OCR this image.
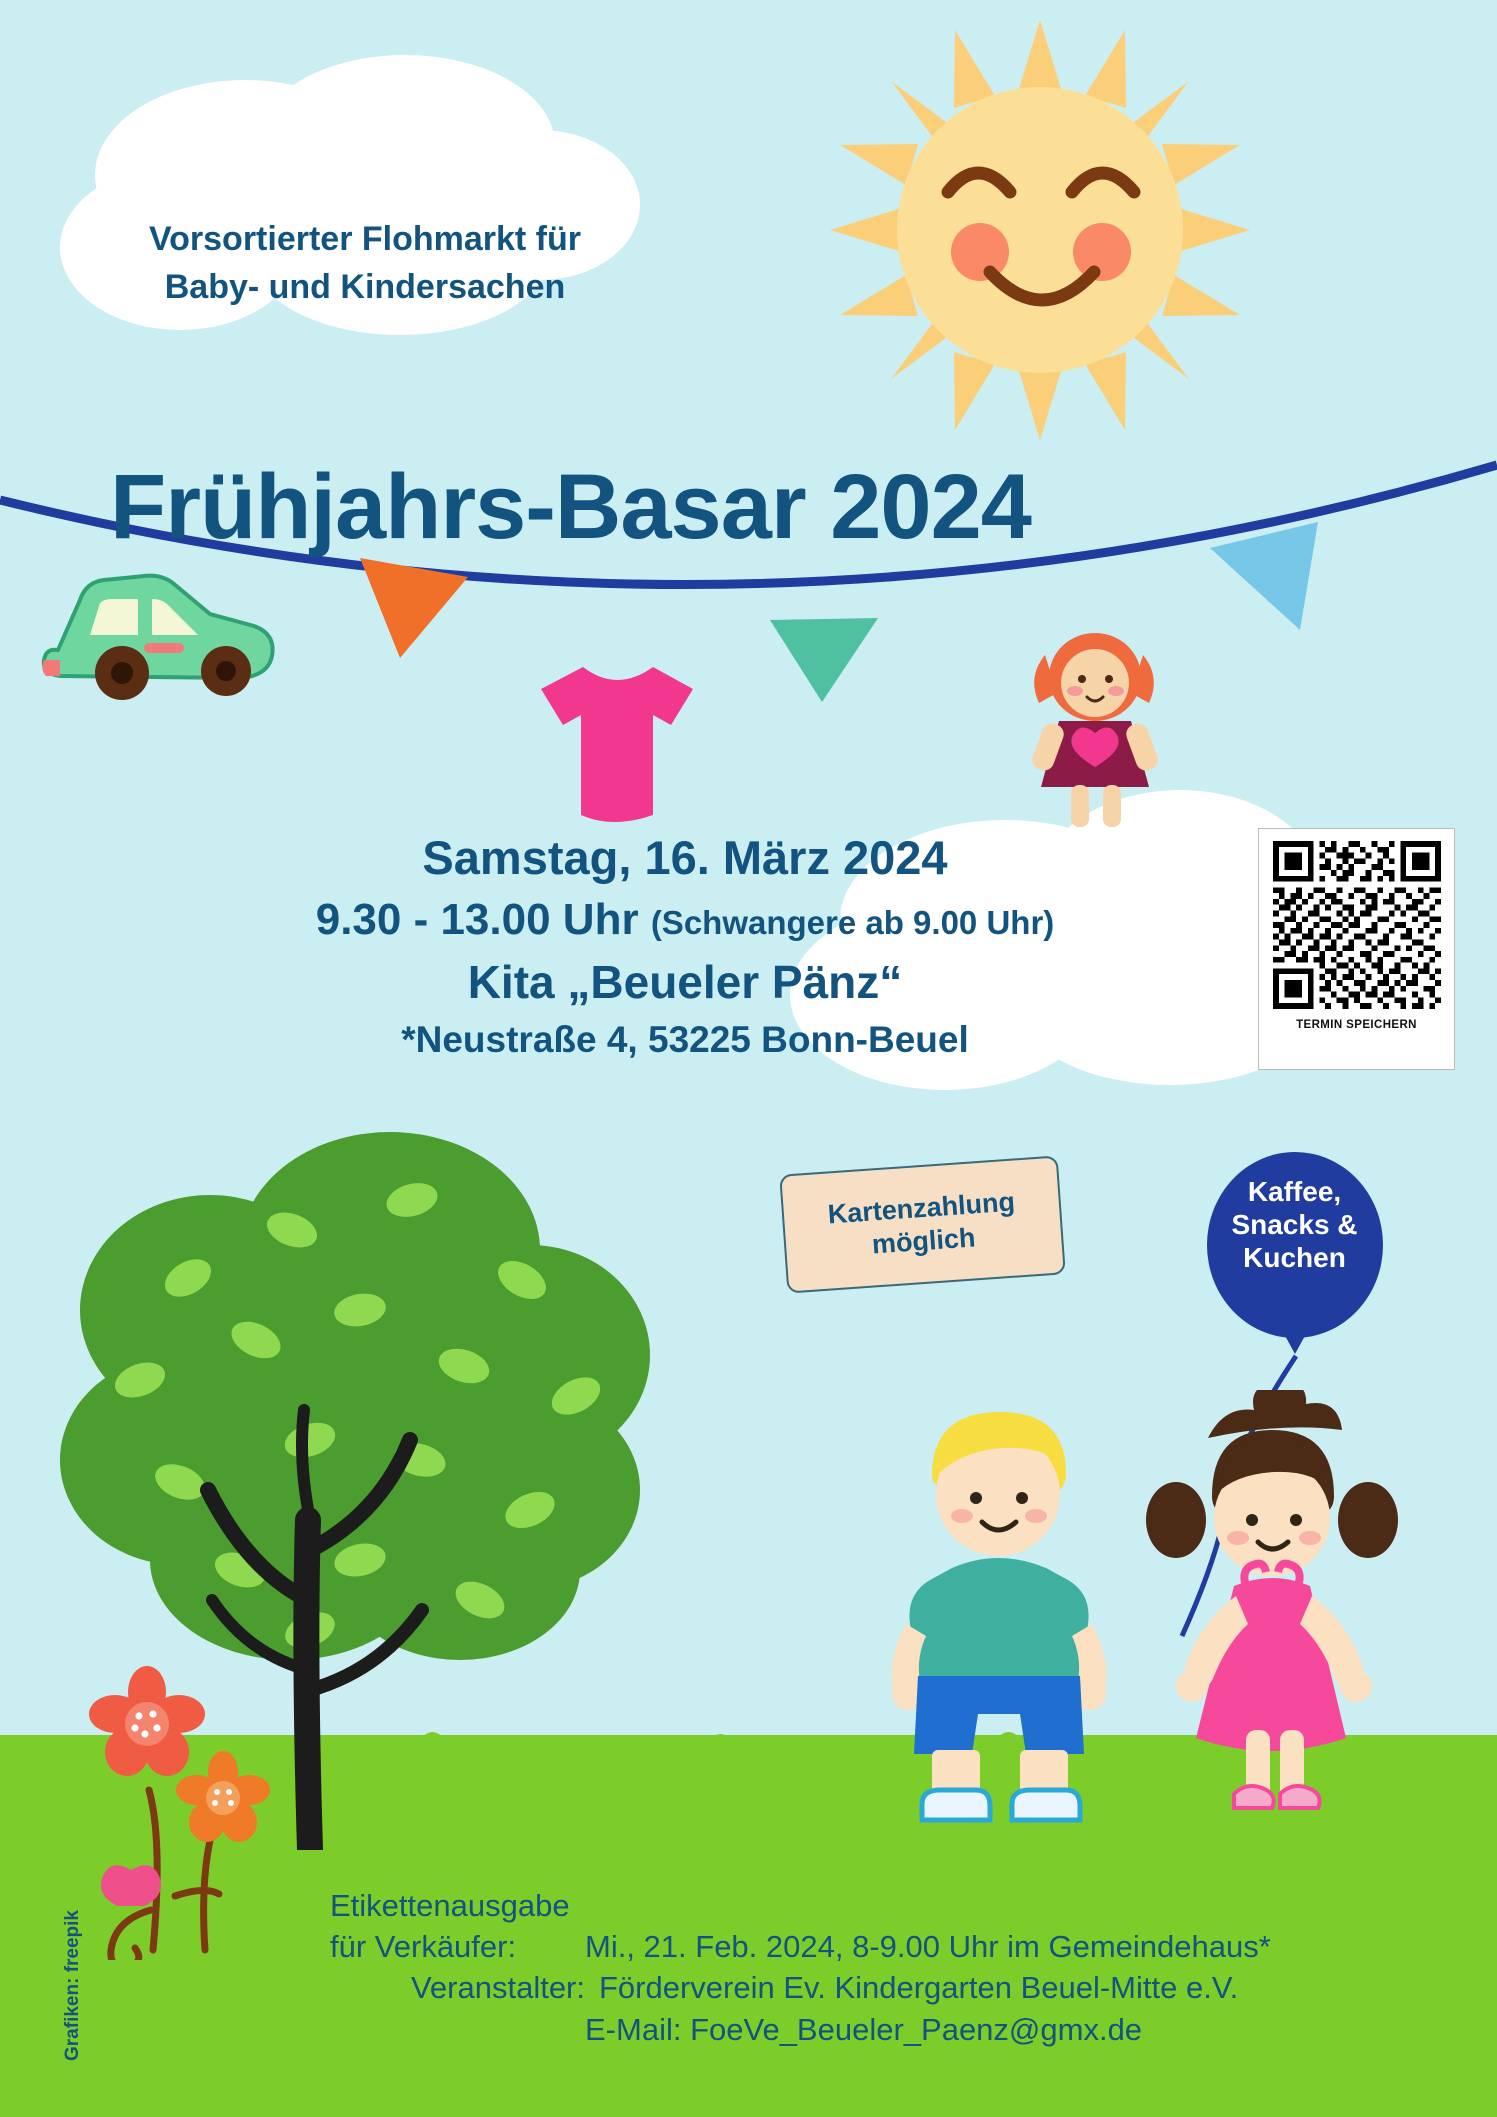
Vorsortierter Flohmarkt für
Baby- und Kindersachen
Frühjahrs-Basar 2024
Samstag, 16. März 2024
9.30 - 13.00 Uhr (Schwangere ab 9.00 Uhr)
Kita „Beueler Pänz“
*Neustraße 4, 53225 Bonn-Beuel	TERMIN SPEICHERN
Kartenzahlung
möglich
Kaffee,
Snacks &
Kuchen
Etikettenausgabe
für Verkäufer:	Mi., 21. Feb. 2024, 8-9.00 Uhr im Gemeindehaus*
Veranstalter: Förderverein Ev. Kindergarten Beuel-Mitte e.V.
E-Mail: FoeVe_Beueler_Paenz@gmx.de
Grafiken: freepik
